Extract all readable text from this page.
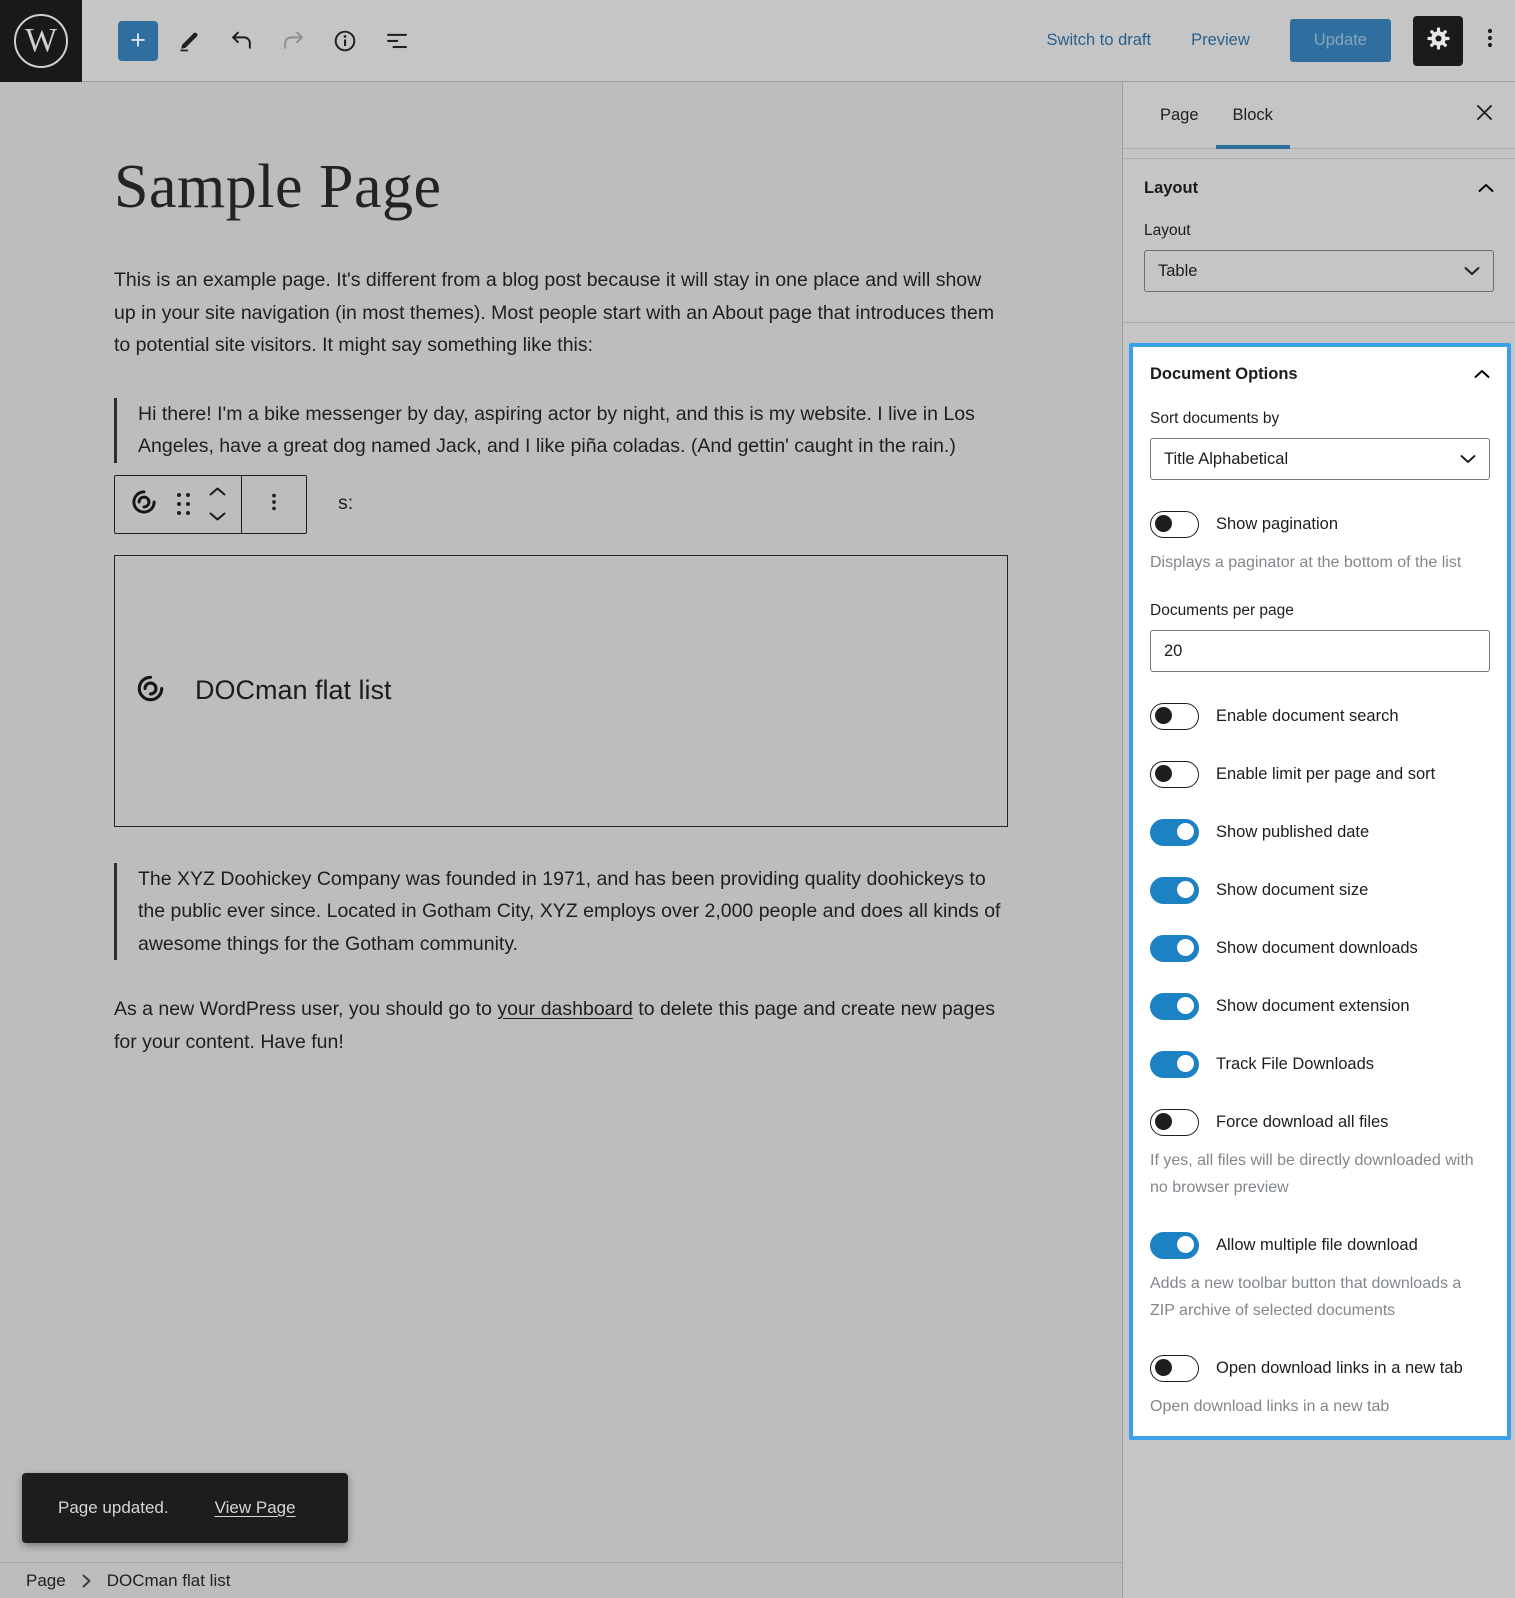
W	+	Switch to draft Preview	Update
Sample Page

This is an example page. It's different from a blog post because it will stay in one place and will show up in your site navigation (in most themes). Most people start with an About page that introduces them to potential site visitors. It might say something like this:

Hi there! I'm a bike messenger by day, aspiring actor by night, and this is my website. I live in Los Angeles, have a great dog named Jack, and I like piña coladas. (And gettin' caught in the rain.)
s:
DOCman flat list
The XYZ Doohickey Company was founded in 1971, and has been providing quality doohickeys to the public ever since. Located in Gotham City, XYZ employs over 2,000 people and does all kinds of awesome things for the Gotham community.

As a new WordPress user, you should go to your dashboard to delete this page and create new pages for your content. Have fun!

Page updated.	View Page
Page DOCman flat list
Page Block
Layout
Layout
Table
Document Options
Sort documents by
Title Alphabetical
Show pagination

Displays a paginator at the bottom of the list

Documents per page
20
Enable document search
Enable limit per page and sort
Show published date
Show document size
Show document downloads
Show document extension
Track File Downloads
Force download all files

If yes, all files will be directly downloaded with no browser preview

Allow multiple file download

Adds a new toolbar button that downloads a ZIP archive of selected documents

Open download links in a new tab

Open download links in a new tab
